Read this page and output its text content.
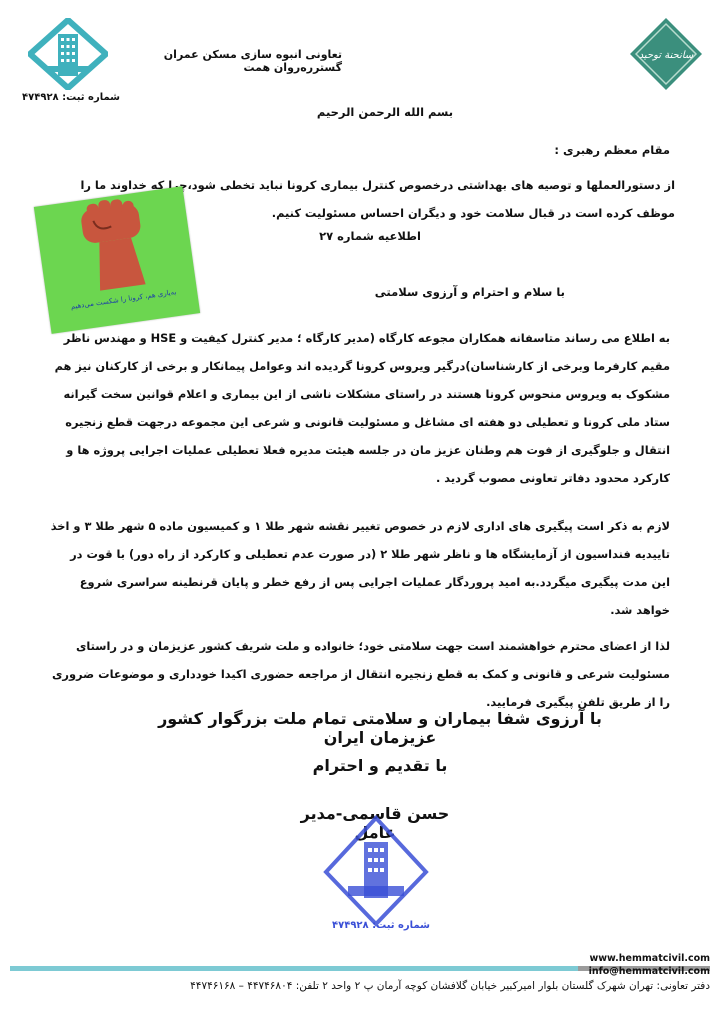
تعاونی انبوه سازی مسکن عمران گسترره‌روان همت
شماره ثبت: ۴۷۴۹۲۸
سانحنة توحید
بسم الله الرحمن الرحیم
مقام معظم رهبری :
از دستورالعملها و توصیه های بهداشتی درخصوص کنترل بیماری کرونا نباید تخطی شود،چرا که خداوند ما را موظف کرده است در قبال سلامت خود و دیگران احساس مسئولیت کنیم.
اطلاعیه شماره ۲۷
با سلام و احترام و آرزوی سلامتی
به‌یاری هم، کرونا را شکست می‌دهیم
به اطلاع می رساند متاسفانه همکاران مجوعه کارگاه (مدیر کارگاه ؛ مدیر کنترل کیفیت و HSE و مهندس ناظر مقیم کارفرما وبرخی از کارشناسان)درگیر ویروس کرونا گردیده اند وعوامل پیمانکار و برخی از کارکنان نیز هم مشکوک به ویروس منحوس کرونا هستند در راستای مشکلات ناشی از این بیماری و اعلام قوانین سخت گیرانه ستاد ملی کرونا و تعطیلی دو هفته ای مشاغل و مسئولیت قانونی و شرعی این مجموعه درجهت قطع زنجیره انتقال و جلوگیری از فوت هم وطنان عزیز مان در جلسه هیئت مدیره فعلا تعطیلی عملیات اجرایی پروژه ها و کارکرد محدود دفاتر تعاونی مصوب گردید .
لازم به ذکر است پیگیری های اداری لازم در خصوص تغییر نقشه شهر طلا ۱ و کمیسیون ماده ۵ شهر طلا ۳ و اخذ تاییدیه فنداسیون از آزمایشگاه ها و ناظر شهر طلا ۲ (در صورت عدم تعطیلی و کارکرد از راه دور) با قوت در این مدت پیگیری میگردد.به امید پروردگار عملیات اجرایی پس از رفع خطر و پایان قرنطینه سراسری شروع خواهد شد.
لذا از اعضای محترم خواهشمند است جهت سلامتی خود؛ خانواده و ملت شریف کشور عزیزمان و در راستای مسئولیت شرعی و قانونی و کمک به قطع زنجیره انتقال از مراجعه حضوری اکیدا خودداری و موضوعات ضروری را از طریق تلفن پیگیری فرمایید.
با آرزوی شفا بیماران و سلامتی تمام ملت بزرگوار کشور عزیزمان ایران
با تقدیم و احترام
حسن قاسمی-مدیر عامل
شماره ثبت: ۴۷۴۹۲۸
www.hemmatcivil.com
info@hemmatcivil.com
دفتر تعاونی: تهران شهرک گلستان بلوار امیرکبیر خیابان گلافشان کوچه آرمان پ ۲ واحد ۲ تلفن: ۴۴۷۴۶۸۰۴ – ۴۴۷۴۶۱۶۸
